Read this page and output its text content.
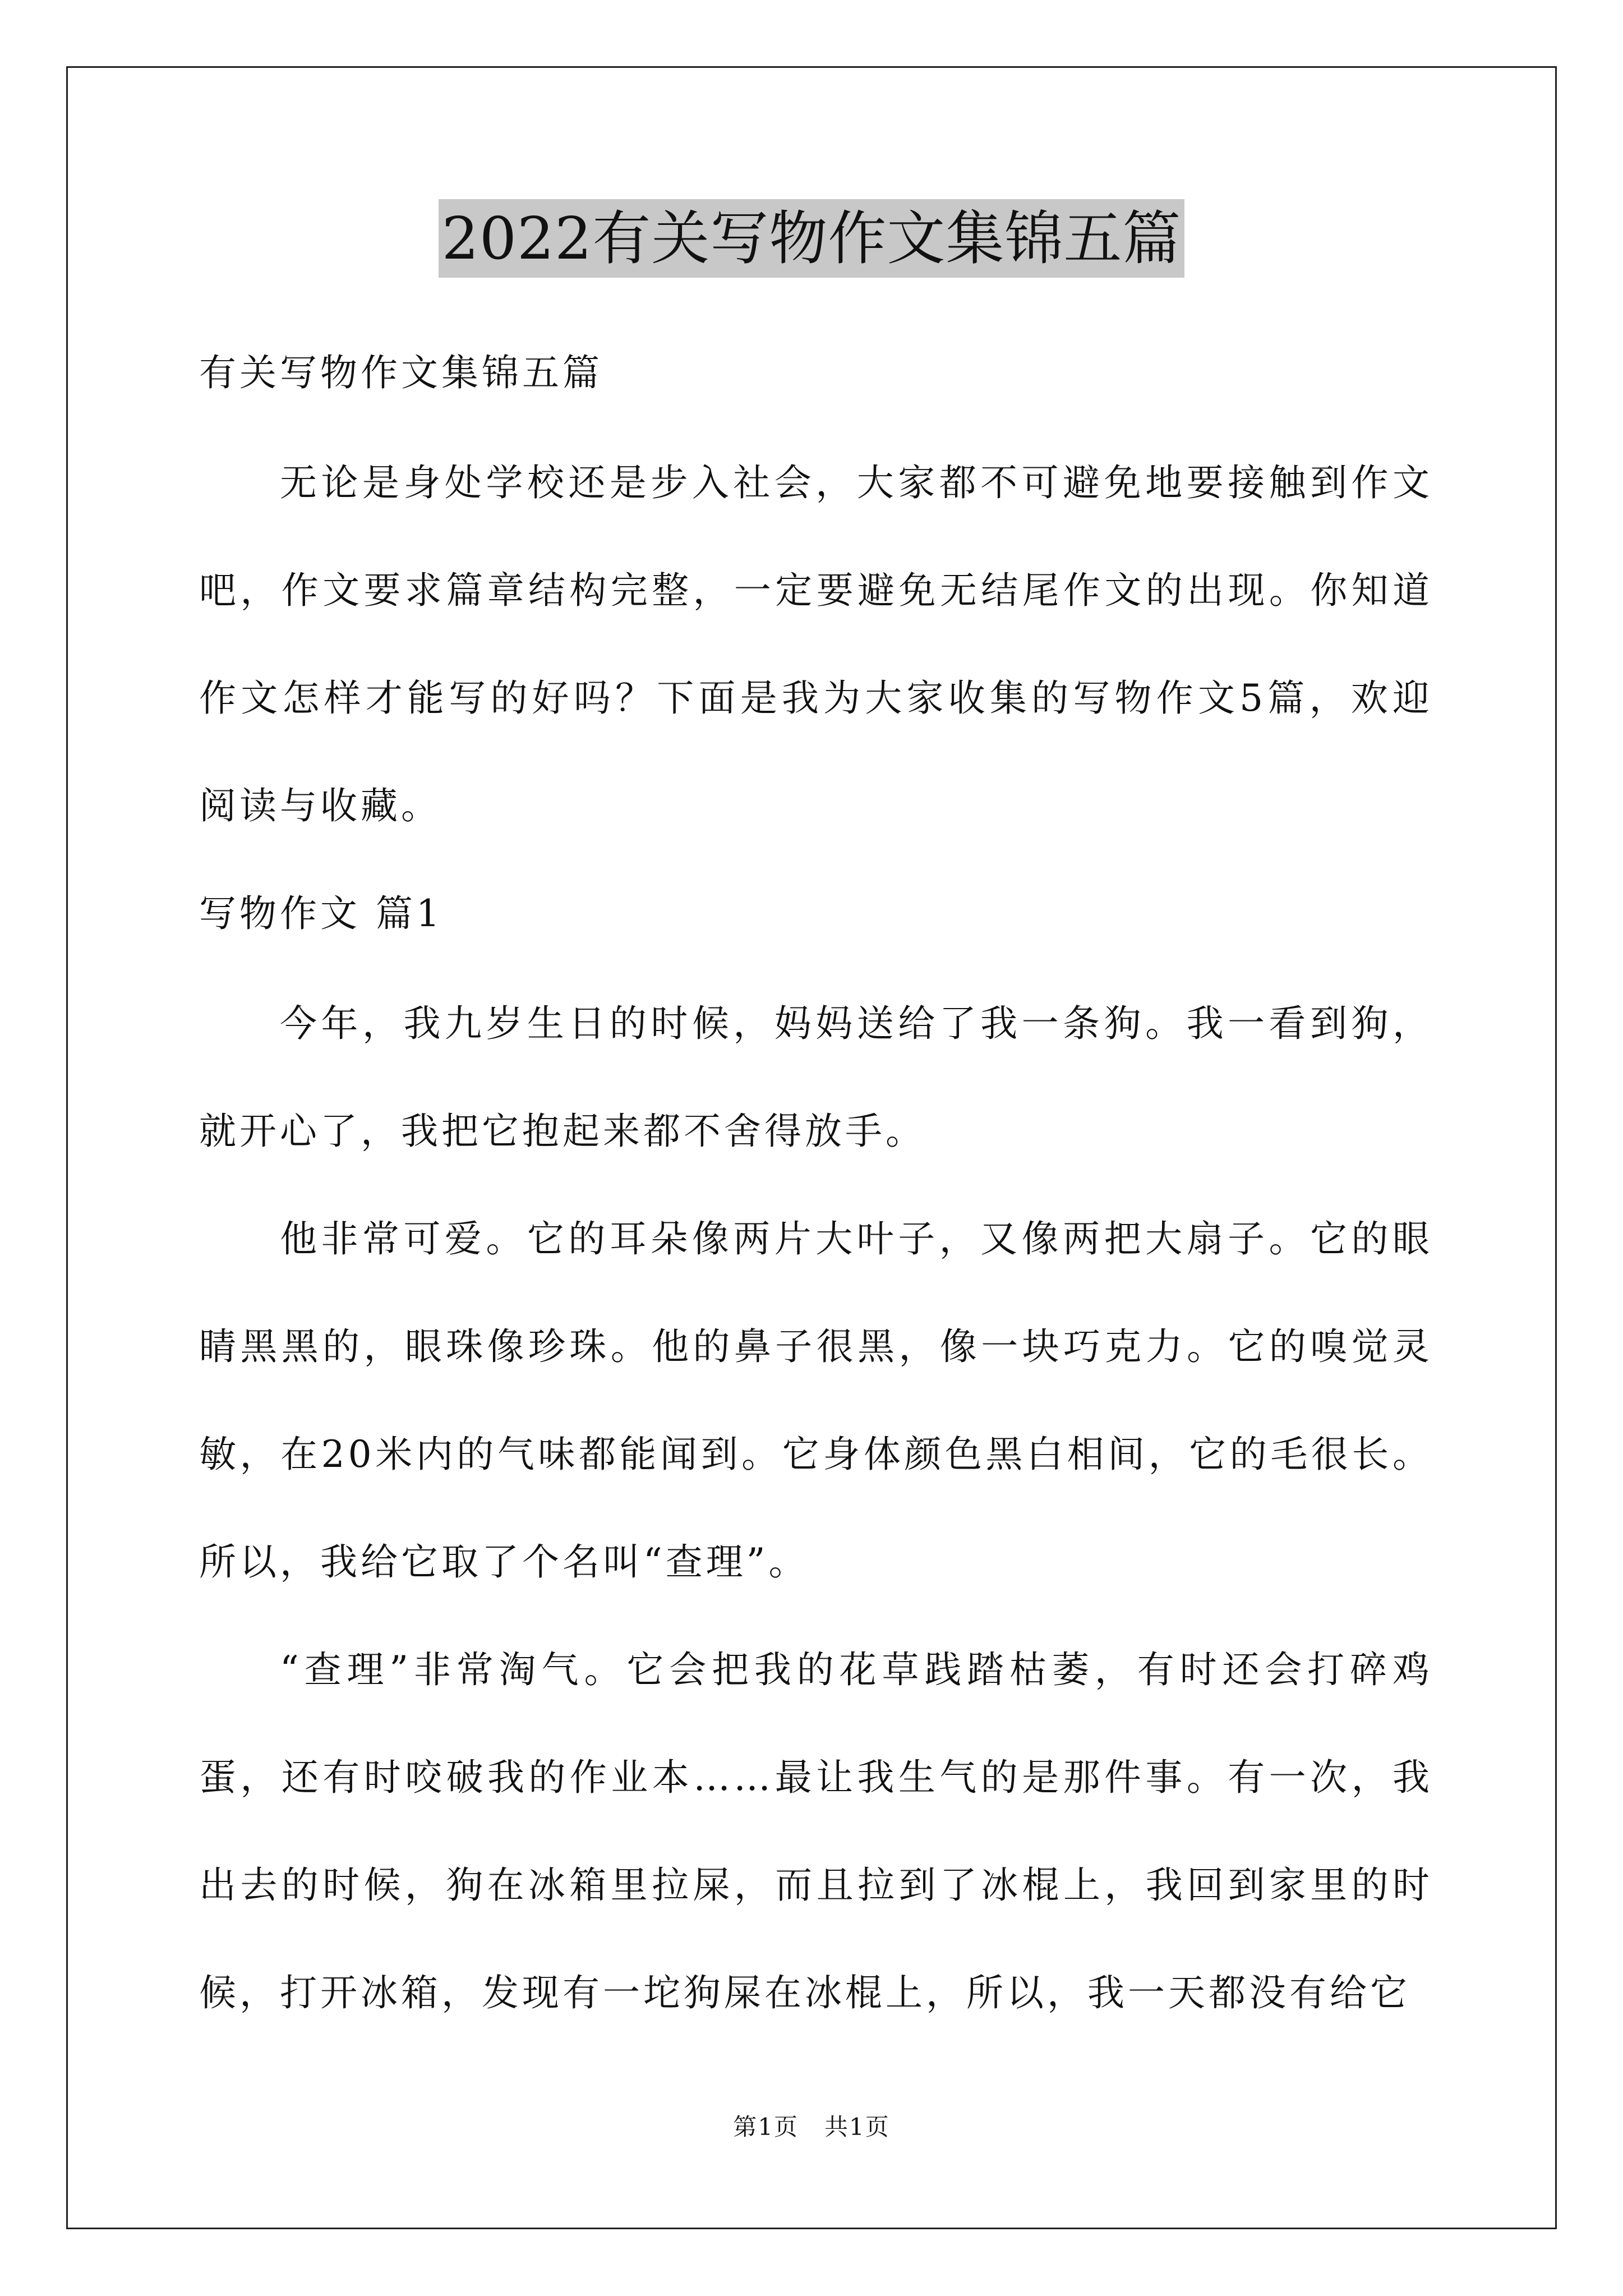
2022有关写物作文集锦五篇
有关写物作文集锦五篇

无论是身处学校还是步入社会，大家都不可避免地要接触到作文吧，作文要求篇章结构完整，一定要避免无结尾作文的出现。你知道作文怎样才能写的好吗？下面是我为大家收集的写物作文5篇，欢迎阅读与收藏。

写物作文 篇1

今年，我九岁生日的时候，妈妈送给了我一条狗。我一看到狗，就开心了，我把它抱起来都不舍得放手。

他非常可爱。它的耳朵像两片大叶子，又像两把大扇子。它的眼睛黑黑的，眼珠像珍珠。他的鼻子很黑，像一块巧克力。它的嗅觉灵敏，在20米内的气味都能闻到。它身体颜色黑白相间，它的毛很长。所以，我给它取了个名叫“查理”。

“查理”非常淘气。它会把我的花草践踏枯萎，有时还会打碎鸡蛋，还有时咬破我的作业本……最让我生气的是那件事。有一次，我出去的时候，狗在冰箱里拉屎，而且拉到了冰棍上，我回到家里的时候，打开冰箱，发现有一坨狗屎在冰棍上，所以，我一天都没有给它

第1页   共1页
